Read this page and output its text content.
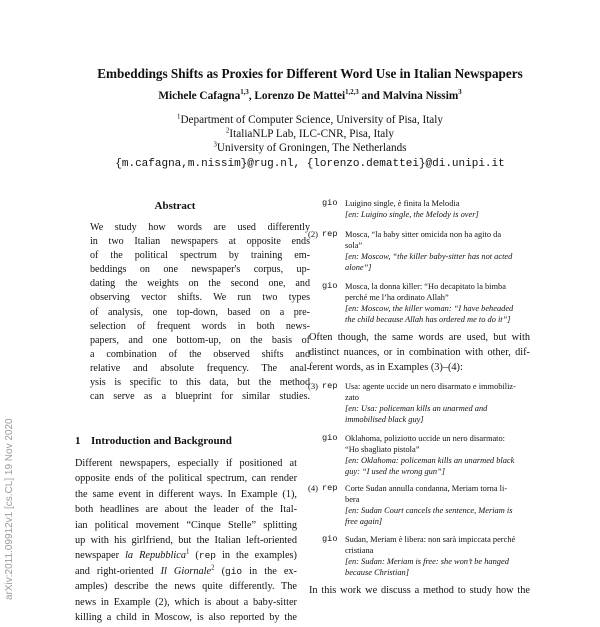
arXiv:2011.09912v1 [cs.CL] 19 Nov 2020
Embeddings Shifts as Proxies for Different Word Use in Italian Newspapers
Michele Cafagna$^{1,3}$, Lorenzo De Mattei$^{1,2,3}$ and Malvina Nissim$^3$
$^1$Department of Computer Science, University of Pisa, Italy
$^2$ItaliaNLP Lab, ILC-CNR, Pisa, Italy
$^3$University of Groningen, The Netherlands
{m.cafagna,m.nissim}@rug.nl, {lorenzo.demattei}@di.unipi.it
Abstract
We study how words are used differently
in two Italian newspapers at opposite ends
of the political spectrum by training em-
beddings on one newspaper's corpus, up-
dating the weights on the second one, and
observing vector shifts. We run two types
of analysis, one top-down, based on a pre-
selection of frequent words in both news-
papers, and one bottom-up, on the basis of
a combination of the observed shifts and
relative and absolute frequency. The anal-
ysis is specific to this data, but the method
can serve as a blueprint for similar studies.
1 Introduction and Background
Different newspapers, especially if positioned at
opposite ends of the political spectrum, can render
the same event in different ways. In Example (1),
both headlines are about the leader of the Ital-
ian political movement “Cinque Stelle” splitting
up with his girlfriend, but the Italian left-oriented
newspaper la Repubblica$^1$ (rep in the examples)
and right-oriented Il Giornale$^2$ (gio in the ex-
amples) describe the news quite differently. The
news in Example (2), which is about a baby-sitter
killing a child in Moscow, is also reported by the
gio Luigino single, è finita la Melodia
[en: Luigino single, the Melody is over]
(2) rep Mosca, “la baby sitter omicida non ha agito da
sola”
[en: Moscow, “the killer baby-sitter has not acted
alone”]
gio Mosca, la donna killer: “Ho decapitato la bimba
perché me l’ha ordinato Allah”
[en: Moscow, the killer woman: “I have beheaded
the child because Allah has ordered me to do it”]
Often though, the same words are used, but with
distinct nuances, or in combination with other, dif-
ferent words, as in Examples (3)–(4):
(3) rep Usa: agente uccide un nero disarmato e immobiliz-
zato
[en: Usa: policeman kills an unarmed and
immobilised black guy]
gio Oklahoma, poliziotto uccide un nero disarmato:
“Ho sbagliato pistola”
[en: Oklahoma: policeman kills an unarmed black
guy: “I used the wrong gun”]
(4) rep Corte Sudan annulla condanna, Meriam torna li-
bera
[en: Sudan Court cancels the sentence, Meriam is
free again]
gio Sudan, Meriam è libera: non sarà impiccata perché
cristiana
[en: Sudan: Meriam is free: she won’t be hanged
because Christian]
In this work we discuss a method to study how the
